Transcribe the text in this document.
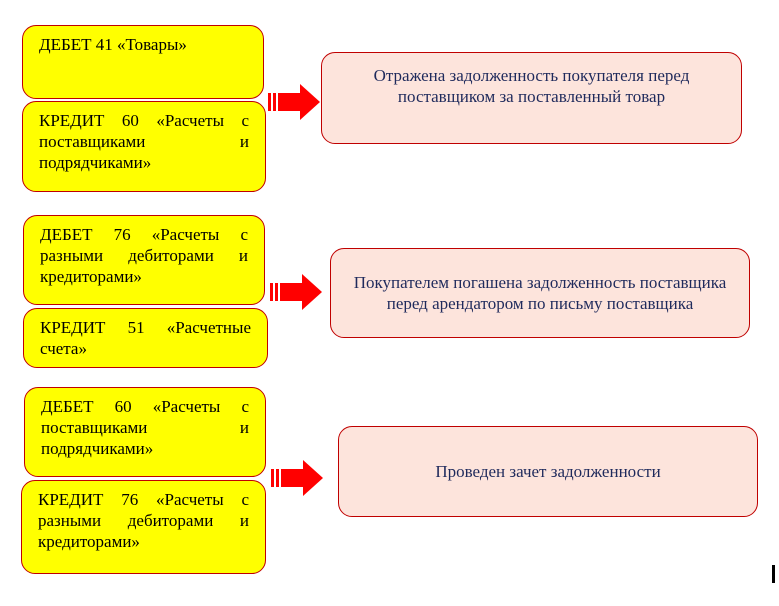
ДЕБЕТ 41 «Товары»
КРЕДИТ 60 «Расчеты с поставщиками и подрядчиками»
Отражена задолженность покупателя перед поставщиком за поставленный товар
ДЕБЕТ 76 «Расчеты с разными дебиторами и кредиторами»
КРЕДИТ 51 «Расчетные счета»
Покупателем погашена задолженность поставщика перед арендатором по письму поставщика
ДЕБЕТ 60 «Расчеты с поставщиками и подрядчиками»
КРЕДИТ 76 «Расчеты с разными дебиторами и кредиторами»
Проведен зачет задолженности
